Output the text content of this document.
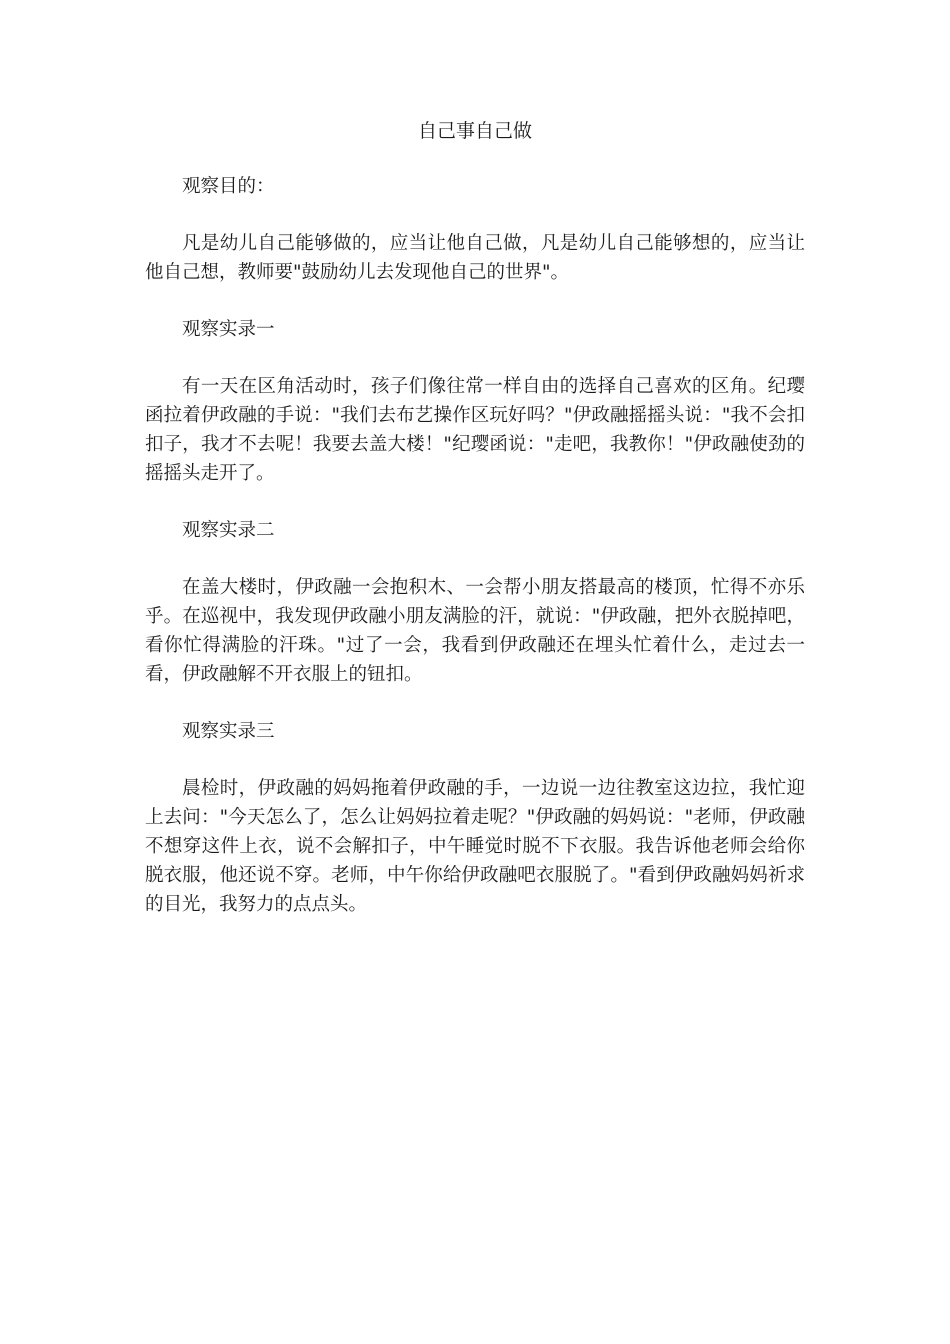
自己事自己做

观察目的：

凡是幼儿自己能够做的，应当让他自己做，凡是幼儿自己能够想的，应当让他自己想，教师要"鼓励幼儿去发现他自己的世界"。

观察实录一

有一天在区角活动时，孩子们像往常一样自由的选择自己喜欢的区角。纪璎函拉着伊政融的手说："我们去布艺操作区玩好吗？"伊政融摇摇头说："我不会扣扣子，我才不去呢！我要去盖大楼！"纪璎函说："走吧，我教你！"伊政融使劲的摇摇头走开了。

观察实录二

在盖大楼时，伊政融一会抱积木、一会帮小朋友搭最高的楼顶，忙得不亦乐乎。在巡视中，我发现伊政融小朋友满脸的汗，就说："伊政融，把外衣脱掉吧，看你忙得满脸的汗珠。"过了一会，我看到伊政融还在埋头忙着什么，走过去一看，伊政融解不开衣服上的钮扣。

观察实录三

晨检时，伊政融的妈妈拖着伊政融的手，一边说一边往教室这边拉，我忙迎上去问："今天怎么了，怎么让妈妈拉着走呢？"伊政融的妈妈说："老师，伊政融不想穿这件上衣，说不会解扣子，中午睡觉时脱不下衣服。我告诉他老师会给你脱衣服，他还说不穿。老师，中午你给伊政融吧衣服脱了。"看到伊政融妈妈祈求的目光，我努力的点点头。
